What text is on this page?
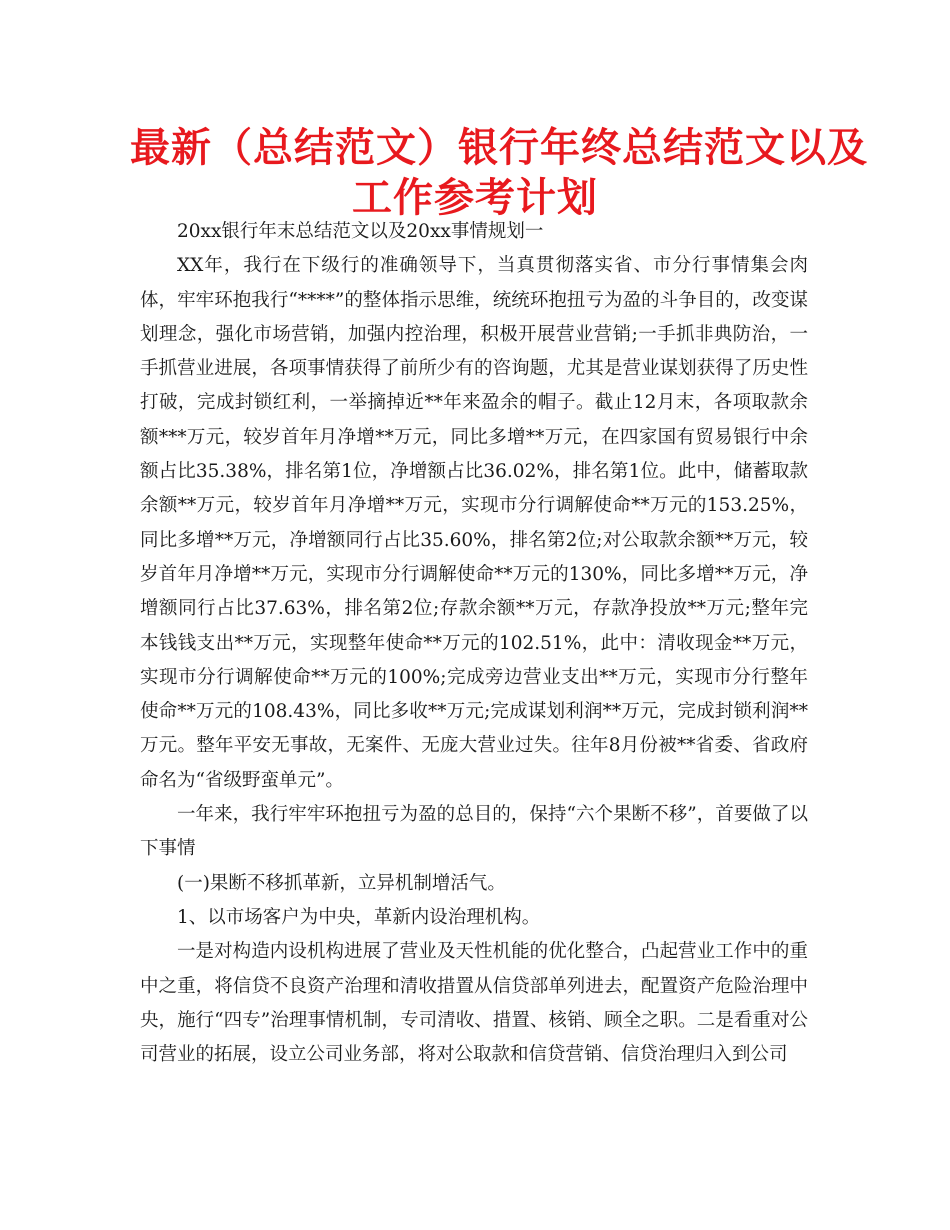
最新（总结范文）银行年终总结范文以及
工作参考计划

20xx银行年末总结范文以及20xx事情规划一

XX年，我行在下级行的准确领导下，当真贯彻落实省、市分行事情集会肉体，牢牢环抱我行“****”的整体指示思维，统统环抱扭亏为盈的斗争目的，改变谋划理念，强化市场营销，加强内控治理，积极开展营业营销;一手抓非典防治，一手抓营业进展，各项事情获得了前所少有的咨询题，尤其是营业谋划获得了历史性打破，完成封锁红利，一举摘掉近**年来盈余的帽子。截止12月末，各项取款余额***万元，较岁首年月净增**万元，同比多增**万元，在四家国有贸易银行中余额占比35.38%，排名第1位，净增额占比36.02%，排名第1位。此中，储蓄取款余额**万元，较岁首年月净增**万元，实现市分行调解使命**万元的153.25%，同比多增**万元，净增额同行占比35.60%，排名第2位;对公取款余额**万元，较岁首年月净增**万元，实现市分行调解使命**万元的130%，同比多增**万元，净增额同行占比37.63%，排名第2位;存款余额**万元，存款净投放**万元;整年完本钱钱支出**万元，实现整年使命**万元的102.51%，此中：清收现金**万元，实现市分行调解使命**万元的100%;完成旁边营业支出**万元，实现市分行整年使命**万元的108.43%，同比多收**万元;完成谋划利润**万元，完成封锁利润**万元。整年平安无事故，无案件、无庞大营业过失。往年8月份被**省委、省政府命名为“省级野蛮单元”。

一年来，我行牢牢环抱扭亏为盈的总目的，保持“六个果断不移”，首要做了以下事情

(一)果断不移抓革新，立异机制增活气。

1、以市场客户为中央，革新内设治理机构。

一是对构造内设机构进展了营业及天性机能的优化整合，凸起营业工作中的重中之重，将信贷不良资产治理和清收措置从信贷部单列进去，配置资产危险治理中央，施行“四专”治理事情机制，专司清收、措置、核销、顾全之职。二是看重对公司营业的拓展，设立公司业务部，将对公取款和信贷营销、信贷治理归入到公司
